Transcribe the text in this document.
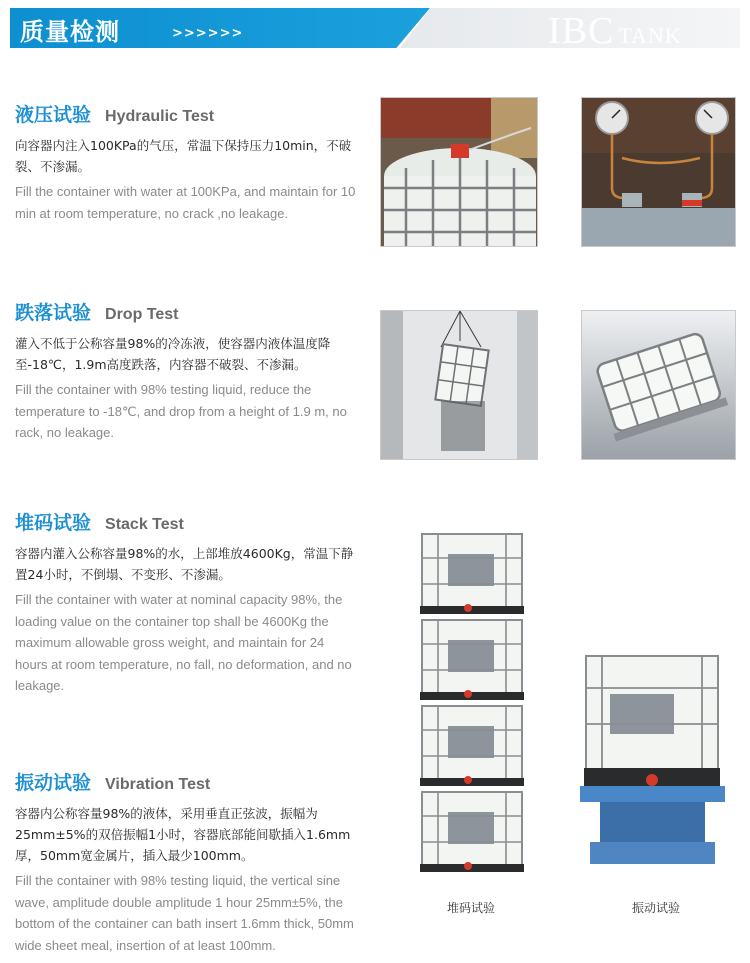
质量检测	>>>>>>	IBC TANK
液压试验 Hydraulic Test
向容器内注入100KPa的气压，常温下保持压力10min，不破裂、不渗漏。
Fill the container with water at 100KPa, and maintain for 10 min at room temperature, no crack ,no leakage.
跌落试验 Drop Test
灌入不低于公称容量98%的冷冻液，使容器内液体温度降至-18℃，1.9m高度跌落，内容器不破裂、不渗漏。
Fill the container with 98% testing liquid, reduce the temperature to -18℃, and drop from a height of 1.9 m, no rack, no leakage.
堆码试验 Stack Test
容器内灌入公称容量98%的水，上部堆放4600Kg，常温下静置24小时，不倒塌、不变形、不渗漏。
Fill the container with water at nominal capacity 98%, the loading value on the container top shall be 4600Kg the maximum allowable gross weight, and maintain for 24 hours at room temperature, no fall, no deformation, and no leakage.
振动试验 Vibration Test
容器内公称容量98%的液体，采用垂直正弦波，振幅为25mm±5%的双倍振幅1小时，容器底部能间歇插入1.6mm厚，50mm宽金属片，插入最少100mm。
Fill the container with 98% testing liquid, the vertical sine wave, amplitude double amplitude 1 hour 25mm±5%, the bottom of the container can bath insert 1.6mm thick, 50mm wide sheet meal, insertion of at least 100mm.
堆码试验	振动试验
